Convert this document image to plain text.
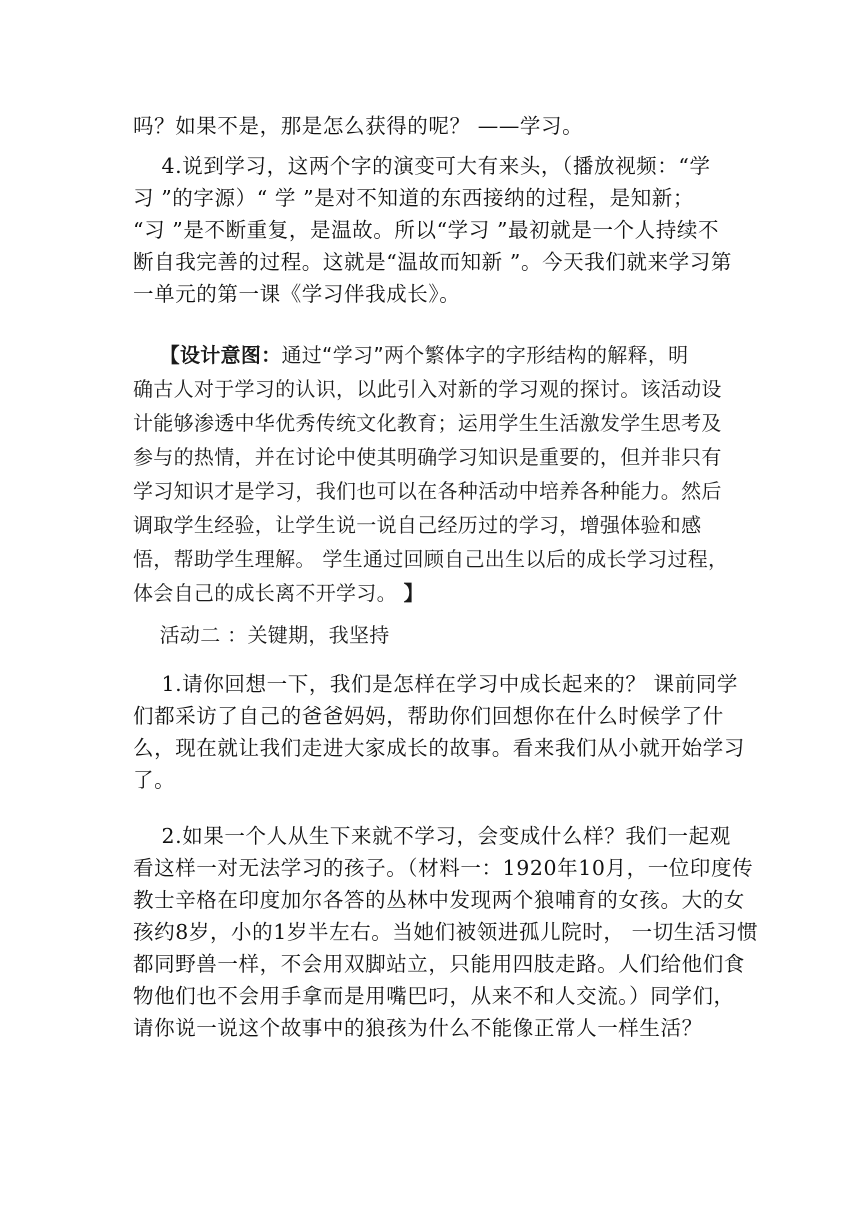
吗？如果不是，那是怎么获得的呢？ ——学习。
4.说到学习，这两个字的演变可大有来头，（播放视频：“学
习 ”的字源）“ 学 ”是对不知道的东西接纳的过程，是知新；
“习 ”是不断重复，是温故。所以“学习 ”最初就是一个人持续不
断自我完善的过程。这就是“温故而知新 ”。今天我们就来学习第
一单元的第一课《学习伴我成长》。
【设计意图：通过“学习”两个繁体字的字形结构的解释，明
确古人对于学习的认识，以此引入对新的学习观的探讨。该活动设
计能够渗透中华优秀传统文化教育；运用学生生活激发学生思考及
参与的热情，并在讨论中使其明确学习知识是重要的，但并非只有
学习知识才是学习，我们也可以在各种活动中培养各种能力。然后
调取学生经验，让学生说一说自己经历过的学习，增强体验和感
悟，帮助学生理解。 学生通过回顾自己出生以后的成长学习过程，
体会自己的成长离不开学习。 】
活动二 ：关键期，我坚持
1.请你回想一下，我们是怎样在学习中成长起来的？ 课前同学
们都采访了自己的爸爸妈妈，帮助你们回想你在什么时候学了什
么，现在就让我们走进大家成长的故事。看来我们从小就开始学习
了。
2.如果一个人从生下来就不学习，会变成什么样？我们一起观
看这样一对无法学习的孩子。（材料一：1920年10月，一位印度传
教士辛格在印度加尔各答的丛林中发现两个狼哺育的女孩。大的女
孩约8岁，小的1岁半左右。当她们被领进孤儿院时， 一切生活习惯
都同野兽一样，不会用双脚站立，只能用四肢走路。人们给他们食
物他们也不会用手拿而是用嘴巴叼，从来不和人交流。）同学们，
请你说一说这个故事中的狼孩为什么不能像正常人一样生活？
